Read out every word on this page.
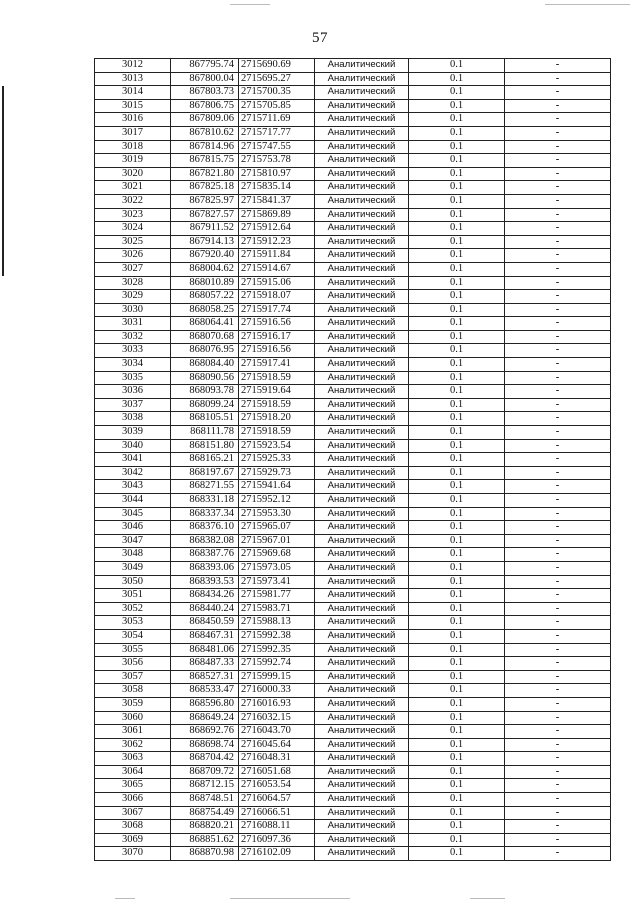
57
3012	867795.74	2715690.69	Аналитический	0.1	-
3013	867800.04	2715695.27	Аналитический	0.1	-
3014	867803.73	2715700.35	Аналитический	0.1	-
3015	867806.75	2715705.85	Аналитический	0.1	-
3016	867809.06	2715711.69	Аналитический	0.1	-
3017	867810.62	2715717.77	Аналитический	0.1	-
3018	867814.96	2715747.55	Аналитический	0.1	-
3019	867815.75	2715753.78	Аналитический	0.1	-
3020	867821.80	2715810.97	Аналитический	0.1	-
3021	867825.18	2715835.14	Аналитический	0.1	-
3022	867825.97	2715841.37	Аналитический	0.1	-
3023	867827.57	2715869.89	Аналитический	0.1	-
3024	867911.52	2715912.64	Аналитический	0.1	-
3025	867914.13	2715912.23	Аналитический	0.1	-
3026	867920.40	2715911.84	Аналитический	0.1	-
3027	868004.62	2715914.67	Аналитический	0.1	-
3028	868010.89	2715915.06	Аналитический	0.1	-
3029	868057.22	2715918.07	Аналитический	0.1	-
3030	868058.25	2715917.74	Аналитический	0.1	-
3031	868064.41	2715916.56	Аналитический	0.1	-
3032	868070.68	2715916.17	Аналитический	0.1	-
3033	868076.95	2715916.56	Аналитический	0.1	-
3034	868084.40	2715917.41	Аналитический	0.1	-
3035	868090.56	2715918.59	Аналитический	0.1	-
3036	868093.78	2715919.64	Аналитический	0.1	-
3037	868099.24	2715918.59	Аналитический	0.1	-
3038	868105.51	2715918.20	Аналитический	0.1	-
3039	868111.78	2715918.59	Аналитический	0.1	-
3040	868151.80	2715923.54	Аналитический	0.1	-
3041	868165.21	2715925.33	Аналитический	0.1	-
3042	868197.67	2715929.73	Аналитический	0.1	-
3043	868271.55	2715941.64	Аналитический	0.1	-
3044	868331.18	2715952.12	Аналитический	0.1	-
3045	868337.34	2715953.30	Аналитический	0.1	-
3046	868376.10	2715965.07	Аналитический	0.1	-
3047	868382.08	2715967.01	Аналитический	0.1	-
3048	868387.76	2715969.68	Аналитический	0.1	-
3049	868393.06	2715973.05	Аналитический	0.1	-
3050	868393.53	2715973.41	Аналитический	0.1	-
3051	868434.26	2715981.77	Аналитический	0.1	-
3052	868440.24	2715983.71	Аналитический	0.1	-
3053	868450.59	2715988.13	Аналитический	0.1	-
3054	868467.31	2715992.38	Аналитический	0.1	-
3055	868481.06	2715992.35	Аналитический	0.1	-
3056	868487.33	2715992.74	Аналитический	0.1	-
3057	868527.31	2715999.15	Аналитический	0.1	-
3058	868533.47	2716000.33	Аналитический	0.1	-
3059	868596.80	2716016.93	Аналитический	0.1	-
3060	868649.24	2716032.15	Аналитический	0.1	-
3061	868692.76	2716043.70	Аналитический	0.1	-
3062	868698.74	2716045.64	Аналитический	0.1	-
3063	868704.42	2716048.31	Аналитический	0.1	-
3064	868709.72	2716051.68	Аналитический	0.1	-
3065	868712.15	2716053.54	Аналитический	0.1	-
3066	868748.51	2716064.57	Аналитический	0.1	-
3067	868754.49	2716066.51	Аналитический	0.1	-
3068	868820.21	2716088.11	Аналитический	0.1	-
3069	868851.62	2716097.36	Аналитический	0.1	-
3070	868870.98	2716102.09	Аналитический	0.1	-
